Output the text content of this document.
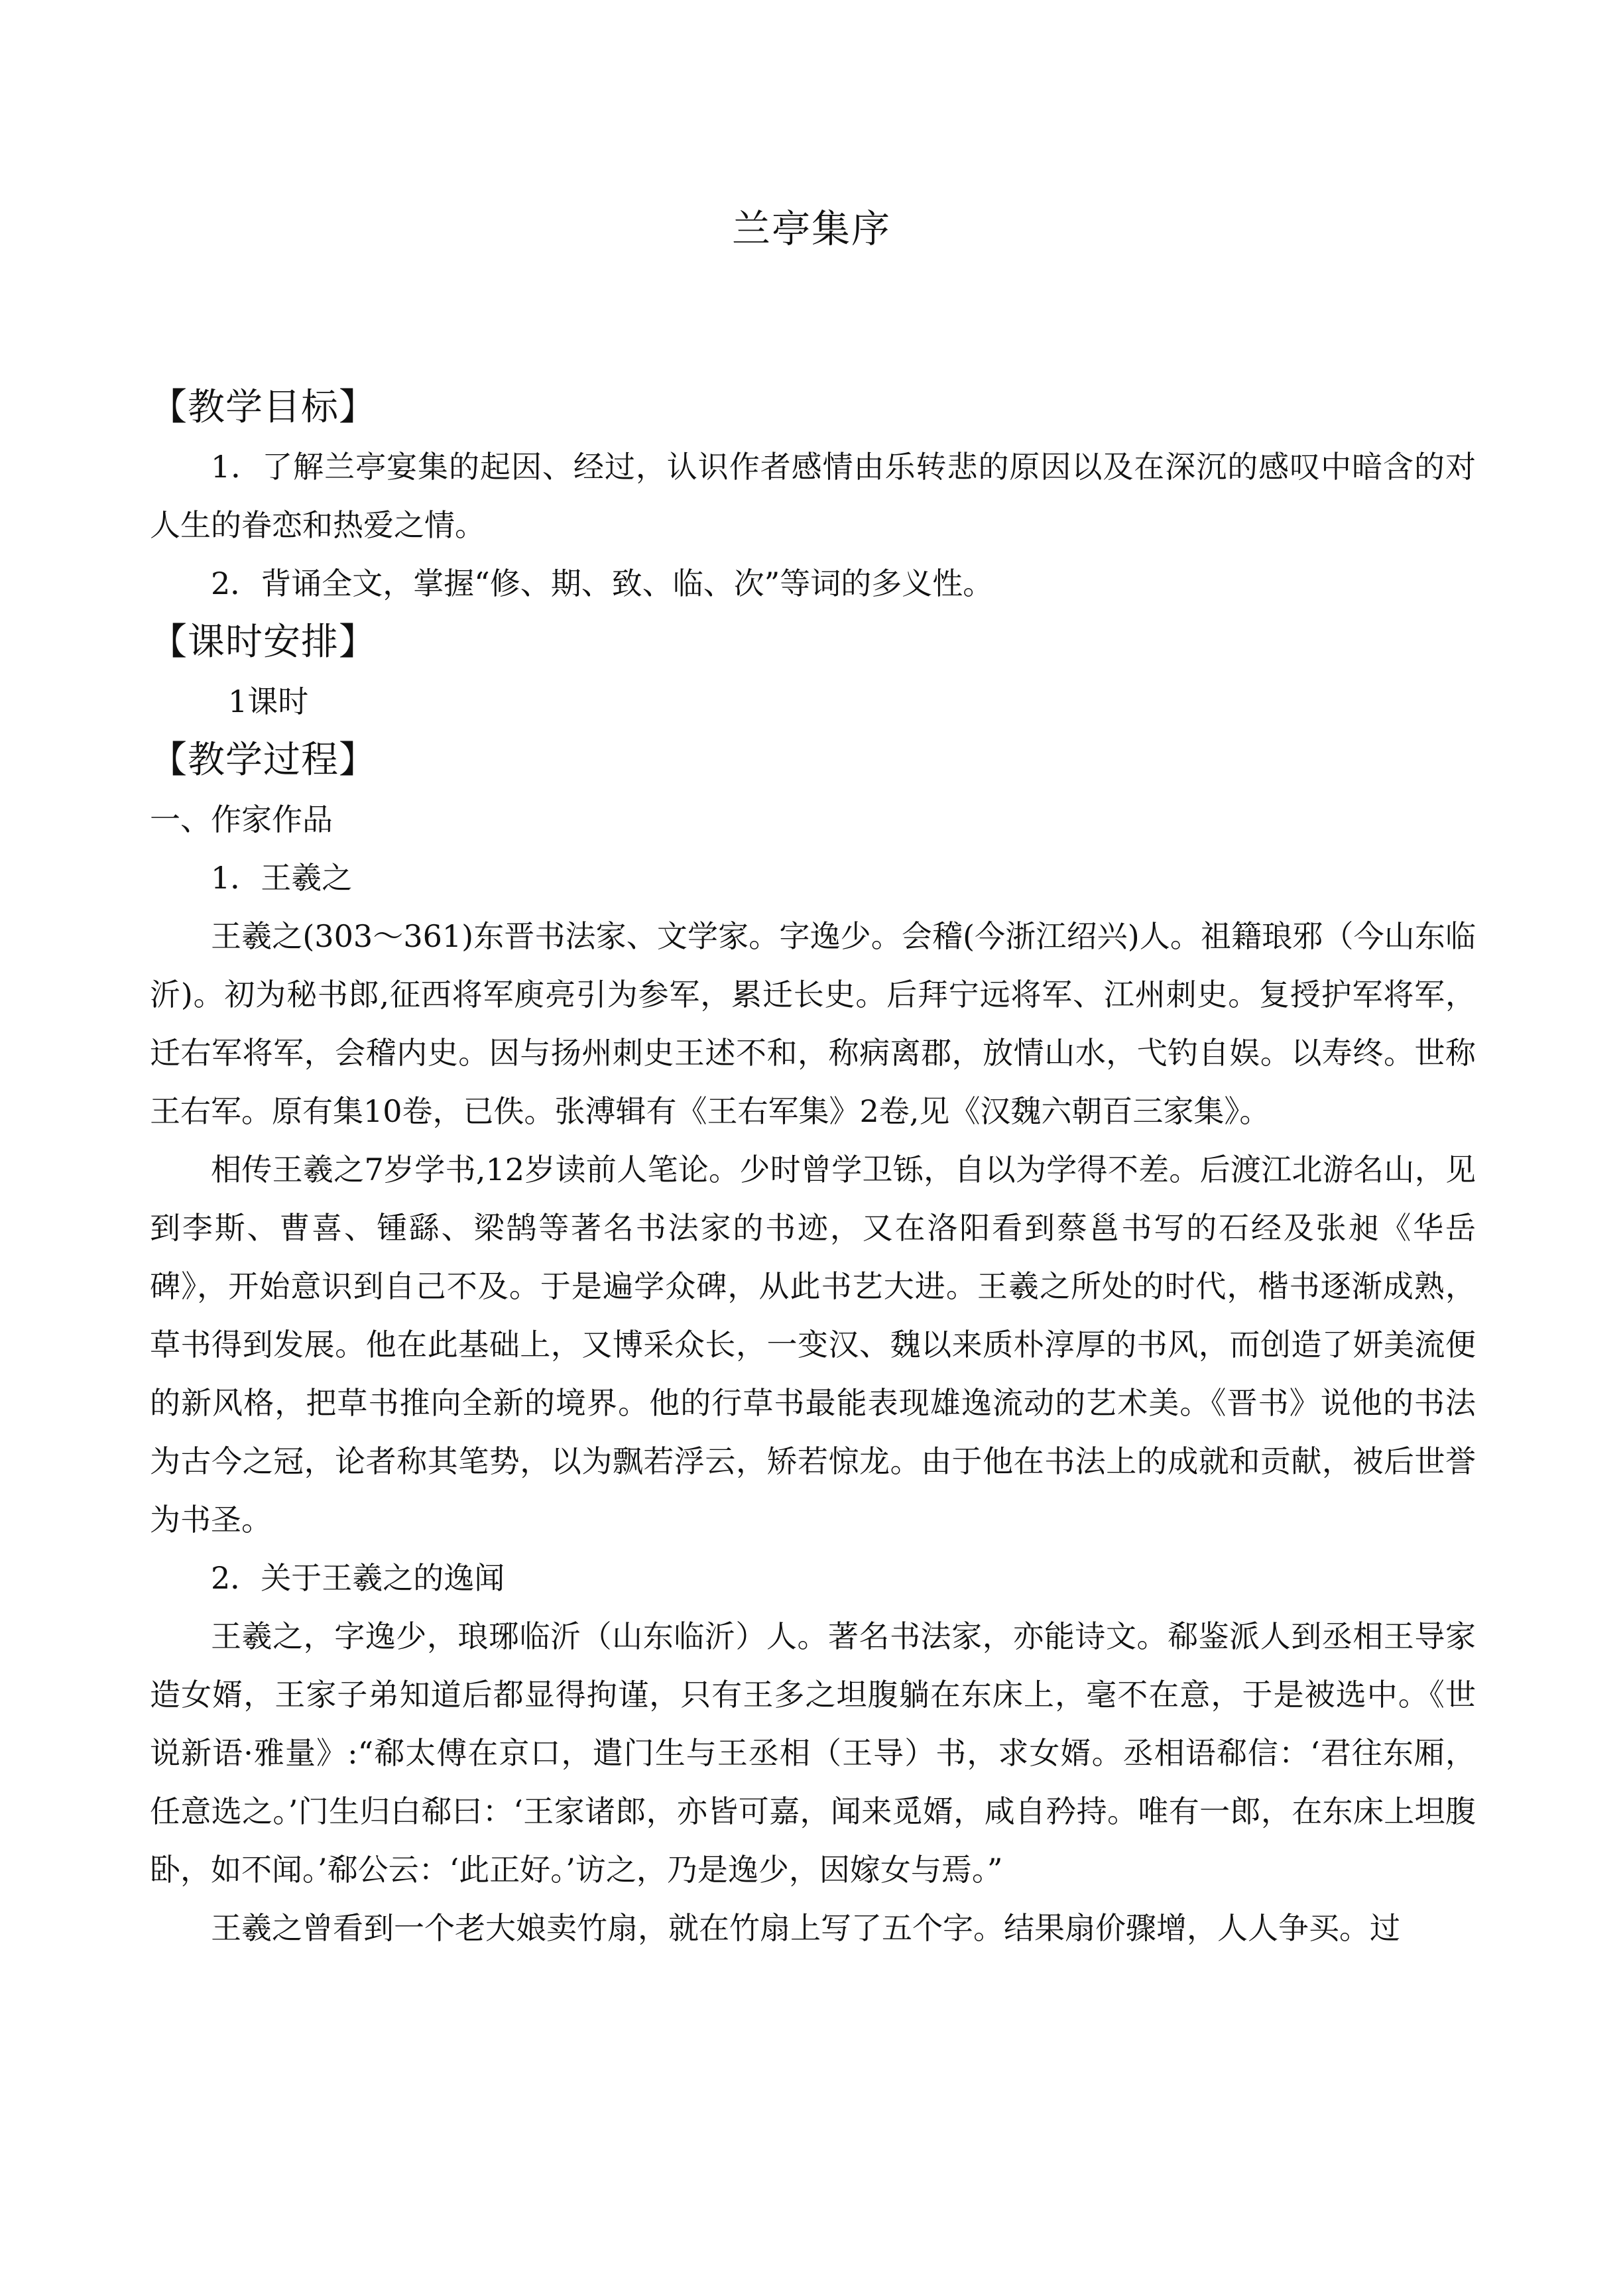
兰亭集序

【教学目标】

1．了解兰亭宴集的起因、经过，认识作者感情由乐转悲的原因以及在深沉的感叹中暗含的对人生的眷恋和热爱之情。

2．背诵全文，掌握“修、期、致、临、次”等词的多义性。

【课时安排】

1课时

【教学过程】

一、作家作品

1．王羲之

王羲之(303～361)东晋书法家、文学家。字逸少。会稽(今浙江绍兴)人。祖籍琅邪（今山东临沂)。初为秘书郎,征西将军庾亮引为参军，累迁长史。后拜宁远将军、江州刺史。复授护军将军，迁右军将军，会稽内史。因与扬州刺史王述不和，称病离郡，放情山水，弋钓自娱。以寿终。世称王右军。原有集10卷，已佚。张溥辑有《王右军集》2卷,见《汉魏六朝百三家集》。

相传王羲之7岁学书,12岁读前人笔论。少时曾学卫铄，自以为学得不差。后渡江北游名山，见到李斯、曹喜、锺繇、梁鹄等著名书法家的书迹，又在洛阳看到蔡邕书写的石经及张昶《华岳碑》，开始意识到自己不及。于是遍学众碑，从此书艺大进。王羲之所处的时代，楷书逐渐成熟，草书得到发展。他在此基础上，又博采众长，一变汉、魏以来质朴淳厚的书风，而创造了妍美流便的新风格，把草书推向全新的境界。他的行草书最能表现雄逸流动的艺术美。《晋书》说他的书法为古今之冠，论者称其笔势，以为飘若浮云，矫若惊龙。由于他在书法上的成就和贡献，被后世誉为书圣。

2．关于王羲之的逸闻

王羲之，字逸少，琅琊临沂（山东临沂）人。著名书法家，亦能诗文。郗鉴派人到丞相王导家造女婿，王家子弟知道后都显得拘谨，只有王多之坦腹躺在东床上，毫不在意，于是被选中。《世说新语·雅量》:“郗太傅在京口，遣门生与王丞相（王导）书，求女婿。丞相语郗信：‘君往东厢，任意选之。’门生归白郗曰：‘王家诸郎，亦皆可嘉，闻来觅婿，咸自矜持。唯有一郎，在东床上坦腹卧，如不闻。’郗公云：‘此正好。’访之，乃是逸少，因嫁女与焉。”

王羲之曾看到一个老大娘卖竹扇，就在竹扇上写了五个字。结果扇价骤增，人人争买。过
